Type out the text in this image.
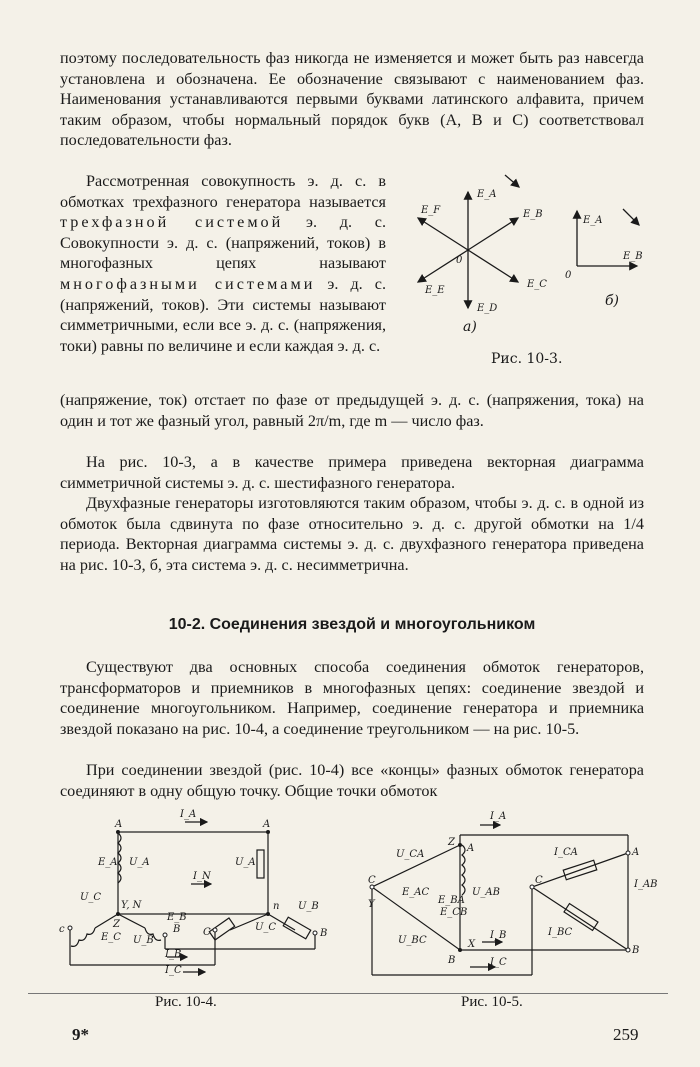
поэтому последовательность фаз никогда не изменяется и может быть раз навсегда установлена и обозначена. Ее обозначение связывают с наименованием фаз. Наименования устанавливаются первыми буквами латинского алфавита, причем таким образом, чтобы нормальный порядок букв (A, B и C) соответствовал последовательности фаз.

Рассмотренная совокупность э. д. с. в обмотках трехфазного генератора называется трехфазной системой э. д. с. Совокупности э. д. с. (напряжений, токов) в многофазных цепях называют многофазными системами э. д. с. (напряжений, токов). Эти системы называют симметричными, если все э. д. с. (напряжения, токи) равны по величине и если каждая э. д. с.

E_A
E_B
E_C
E_D
E_E
E_F
0
E_A
E_B
0
б)
а)
Рис. 10-3.

(напряжение, ток) отстает по фазе от предыдущей э. д. с. (напряжения, тока) на один и тот же фазный угол, равный 2π/m, где m — число фаз.

На рис. 10-3, а в качестве примера приведена векторная диаграмма симметричной системы э. д. с. шестифазного генератора.

Двухфазные генераторы изготовляются таким образом, чтобы э. д. с. в одной из обмоток была сдвинута по фазе относительно э. д. с. другой обмотки на 1/4 периода. Векторная диаграмма системы э. д. с. двухфазного генератора приведена на рис. 10-3, б, эта система э. д. с. несимметрична.

10-2. Соединения звездой и многоугольником

Существуют два основных способа соединения обмоток генераторов, трансформаторов и приемников в многофазных цепях: соединение звездой и соединение многоугольником. Например, соединение генератора и приемника звездой показано на рис. 10-4, а соединение треугольником — на рис. 10-5.

При соединении звездой (рис. 10-4) все «концы» фазных обмоток генератора соединяют в одну общую точку. Общие точки обмоток

I_A
A	A
E_A U_A	U_A
U_C
Y, N
I_N
Z
E_B
E_C U_B
U_B
n
c	C	U_C
B	B
I_B
I_C
I_A
Z
A	A
U_CA
C
E_AC
E_BA
U_AB
Y
E_CB
U_BC
B
X
I_B
I_C
I_CA
I_AB
C
I_BC
B
Рис. 10-4.	Рис. 10-5.
9*	259
